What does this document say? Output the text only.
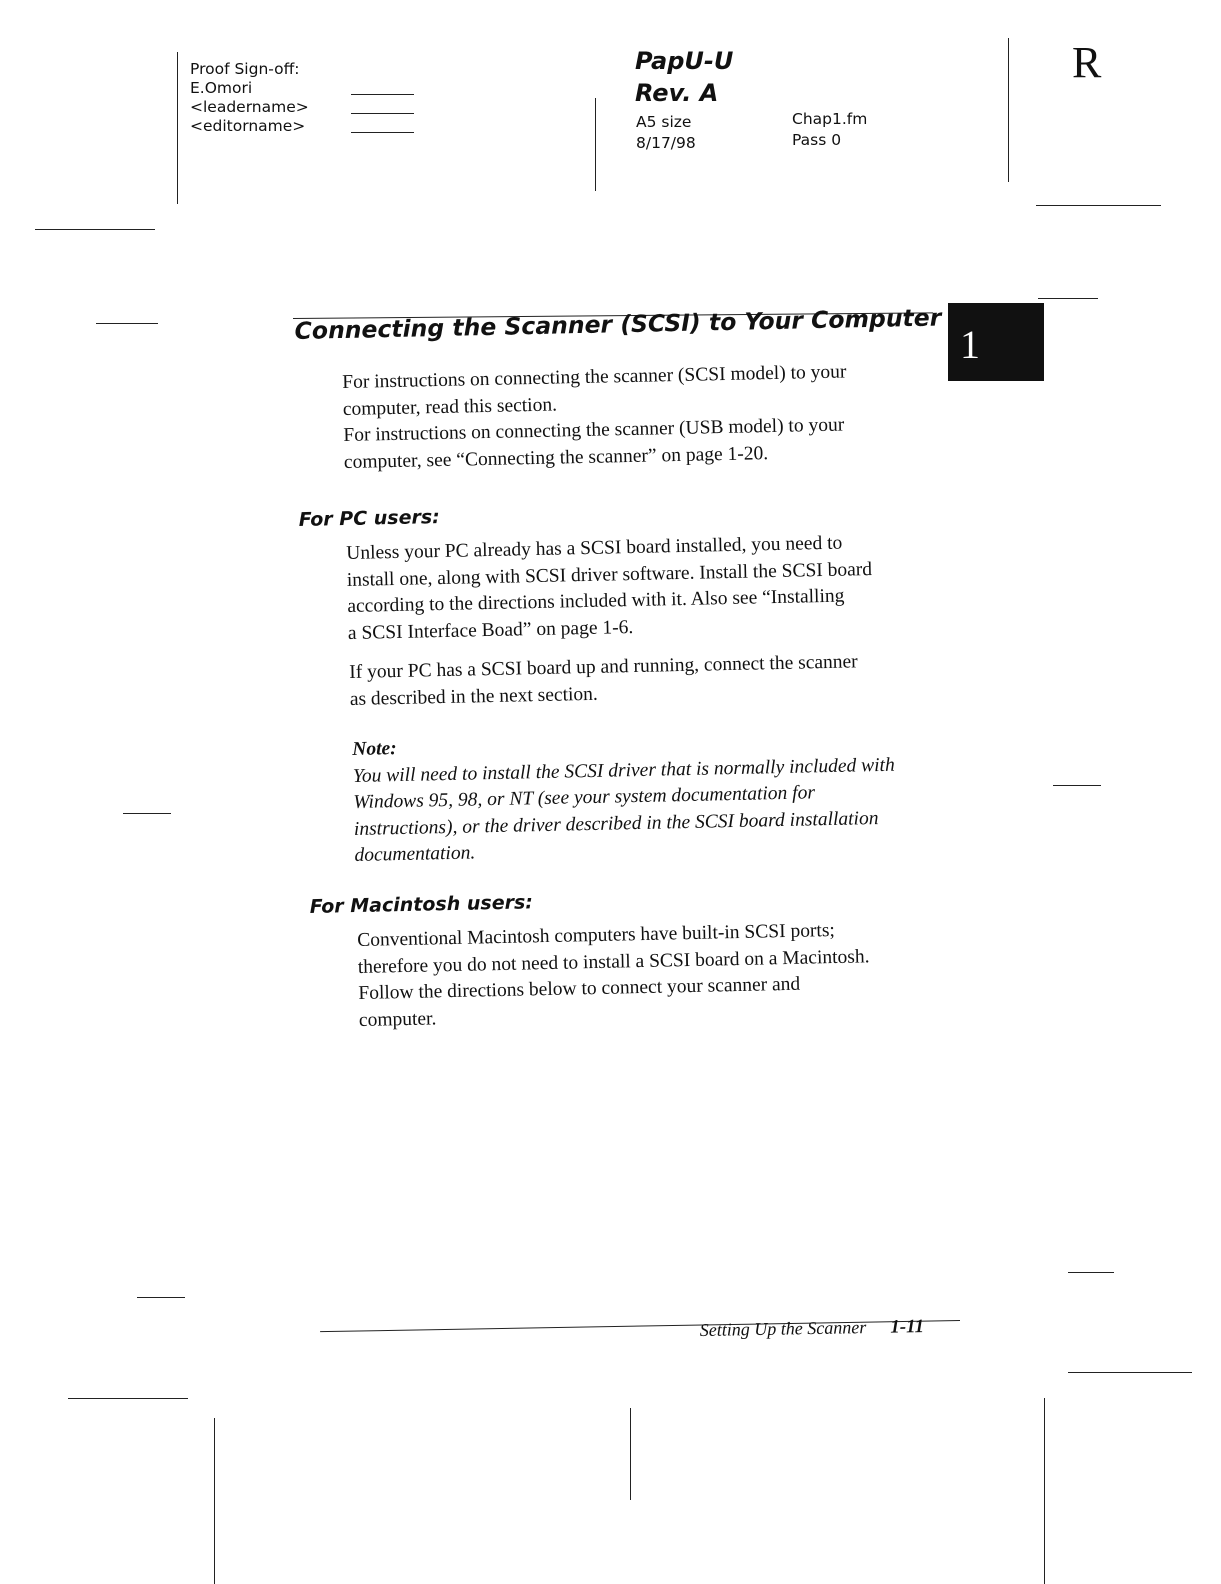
Proof Sign-off:
E.Omori
<leadername>
<editorname>
PapU-U
Rev. A
A5 size
8/17/98
Chap1.fm
Pass 0
R
1
Connecting the Scanner (SCSI) to Your Computer
For instructions on connecting the scanner (SCSI model) to your
computer, read this section.
For instructions on connecting the scanner (USB model) to your
computer, see “Connecting the scanner” on page 1-20.
For PC users:
Unless your PC already has a SCSI board installed, you need to
install one, along with SCSI driver software. Install the SCSI board
according to the directions included with it. Also see “Installing
a SCSI Interface Boad” on page 1-6.
If your PC has a SCSI board up and running, connect the scanner
as described in the next section.
Note:
You will need to install the SCSI driver that is normally included with
Windows 95, 98, or NT (see your system documentation for
instructions), or the driver described in the SCSI board installation
documentation.
For Macintosh users:
Conventional Macintosh computers have built-in SCSI ports;
therefore you do not need to install a SCSI board on a Macintosh.
Follow the directions below to connect your scanner and
computer.
Setting Up the Scanner 1-11
